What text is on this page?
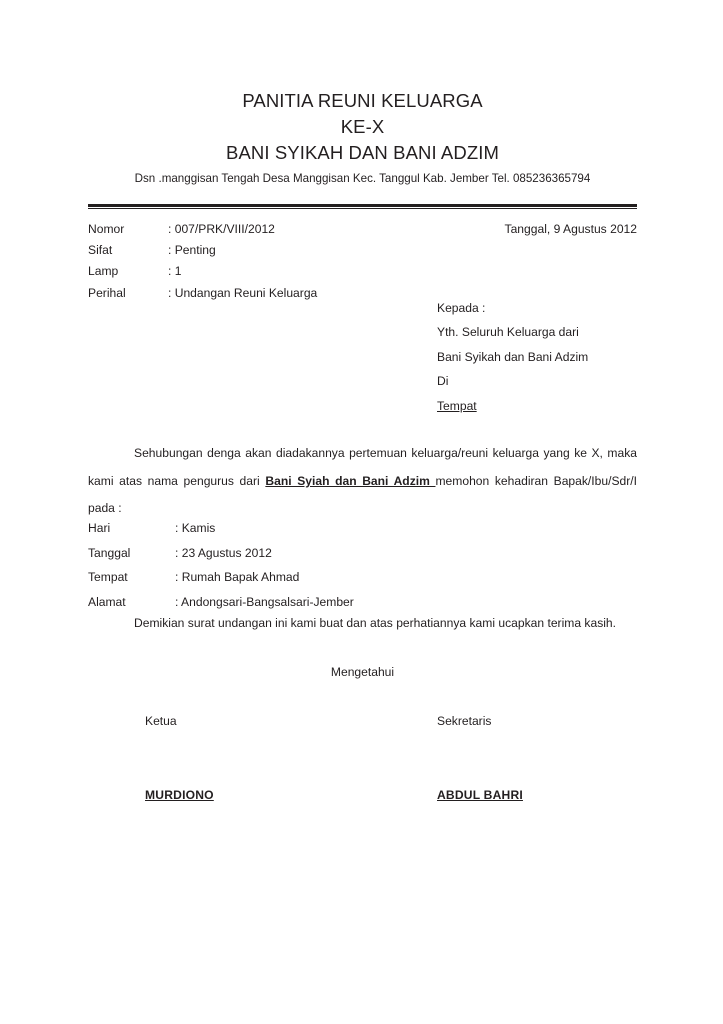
PANITIA REUNI KELUARGA
KE-X
BANI SYIKAH DAN BANI ADZIM
Dsn .manggisan Tengah Desa Manggisan Kec. Tanggul Kab. Jember Tel. 085236365794
Nomor	: 007/PRK/VIII/2012
Sifat	: Penting
Lamp	: 1
Perihal	: Undangan Reuni Keluarga
Tanggal, 9 Agustus 2012
Kepada :
Yth. Seluruh Keluarga dari
Bani Syikah dan Bani Adzim
Di
Tempat
Sehubungan denga akan diadakannya pertemuan keluarga/reuni keluarga yang ke X, maka kami atas nama pengurus dari Bani Syiah dan Bani Adzim memohon kehadiran Bapak/Ibu/Sdr/I pada :
Hari	: Kamis
Tanggal	: 23 Agustus 2012
Tempat	: Rumah Bapak Ahmad
Alamat	: Andongsari-Bangsalsari-Jember
Demikian surat undangan ini kami buat dan atas perhatiannya kami ucapkan terima kasih.
Mengetahui
Ketua	Sekretaris
MURDIONO	ABDUL BAHRI
